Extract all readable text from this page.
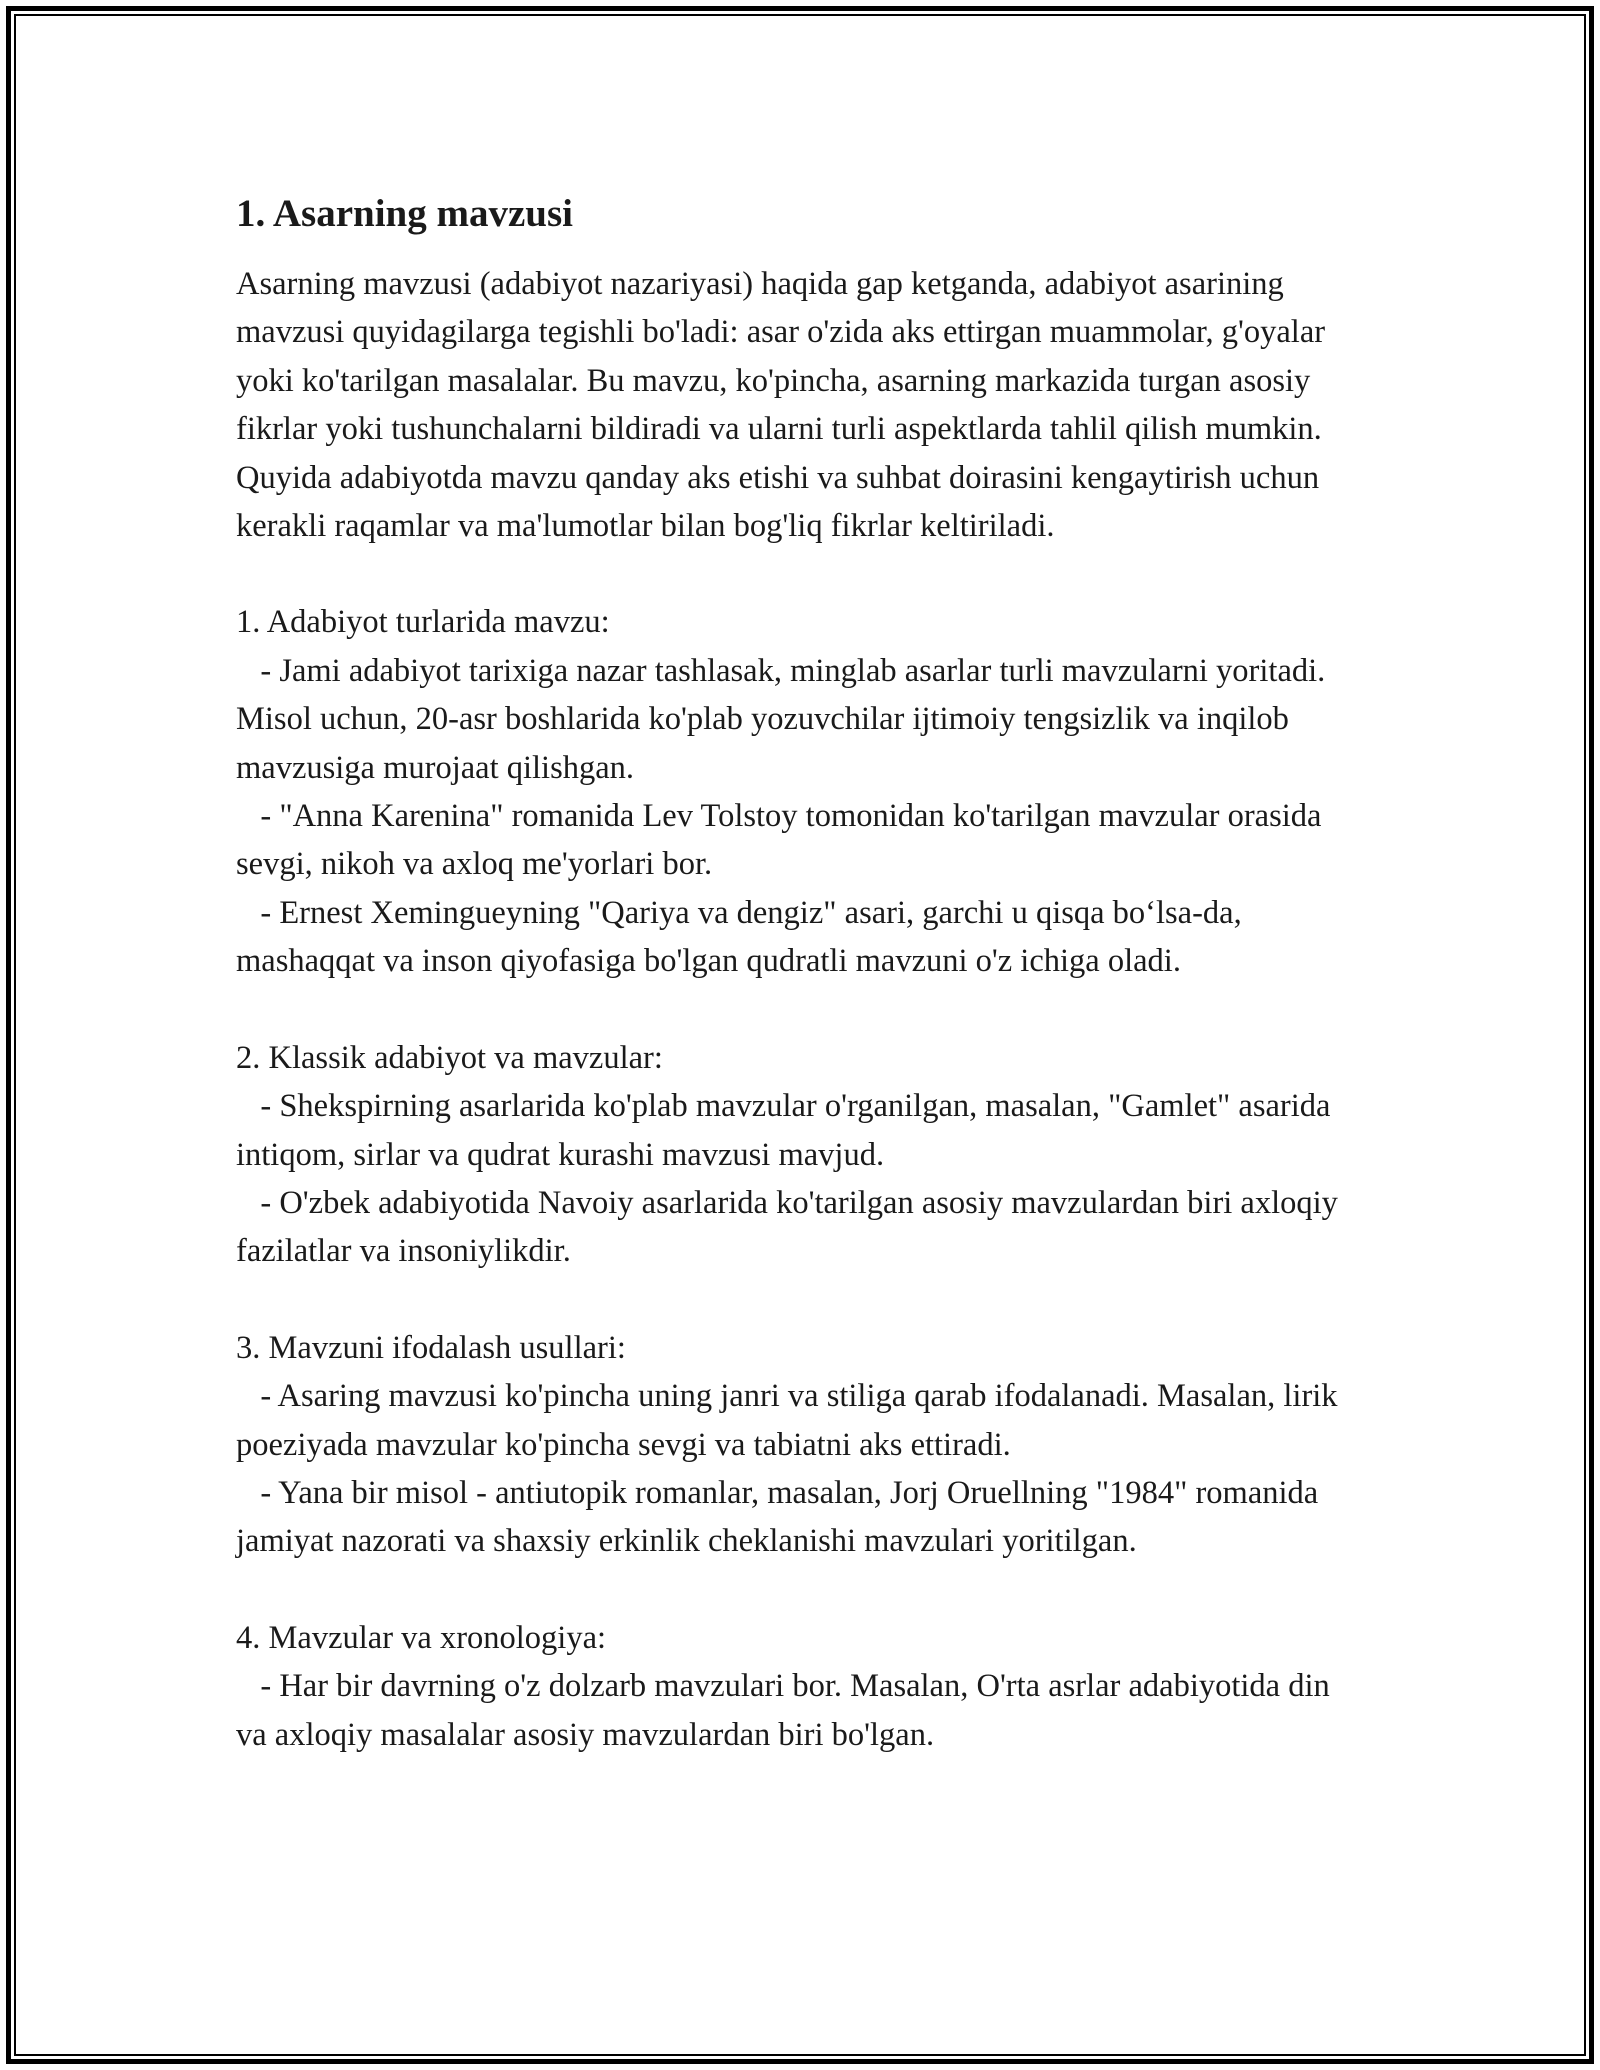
1. Asarning mavzusi

Asarning mavzusi (adabiyot nazariyasi) haqida gap ketganda, adabiyot asarining mavzusi quyidagilarga tegishli bo'ladi: asar o'zida aks ettirgan muammolar, g'oyalar yoki ko'tarilgan masalalar. Bu mavzu, ko'pincha, asarning markazida turgan asosiy fikrlar yoki tushunchalarni bildiradi va ularni turli aspektlarda tahlil qilish mumkin. Quyida adabiyotda mavzu qanday aks etishi va suhbat doirasini kengaytirish uchun kerakli raqamlar va ma'lumotlar bilan bog'liq fikrlar keltiriladi.

1. Adabiyot turlarida mavzu:

- Jami adabiyot tarixiga nazar tashlasak, minglab asarlar turli mavzularni yoritadi. Misol uchun, 20-asr boshlarida ko'plab yozuvchilar ijtimoiy tengsizlik va inqilob mavzusiga murojaat qilishgan.

- "Anna Karenina" romanida Lev Tolstoy tomonidan ko'tarilgan mavzular orasida sevgi, nikoh va axloq me'yorlari bor.

- Ernest Xemingueyning "Qariya va dengiz" asari, garchi u qisqa bo‘lsa-da, mashaqqat va inson qiyofasiga bo'lgan qudratli mavzuni o'z ichiga oladi.

2. Klassik adabiyot va mavzular:

- Shekspirning asarlarida ko'plab mavzular o'rganilgan, masalan, "Gamlet" asarida intiqom, sirlar va qudrat kurashi mavzusi mavjud.

- O'zbek adabiyotida Navoiy asarlarida ko'tarilgan asosiy mavzulardan biri axloqiy fazilatlar va insoniylikdir.

3. Mavzuni ifodalash usullari:

- Asaring mavzusi ko'pincha uning janri va stiliga qarab ifodalanadi. Masalan, lirik poeziyada mavzular ko'pincha sevgi va tabiatni aks ettiradi.

- Yana bir misol - antiutopik romanlar, masalan, Jorj Oruellning "1984" romanida jamiyat nazorati va shaxsiy erkinlik cheklanishi mavzulari yoritilgan.

4. Mavzular va xronologiya:

- Har bir davrning o'z dolzarb mavzulari bor. Masalan, O'rta asrlar adabiyotida din va axloqiy masalalar asosiy mavzulardan biri bo'lgan.
